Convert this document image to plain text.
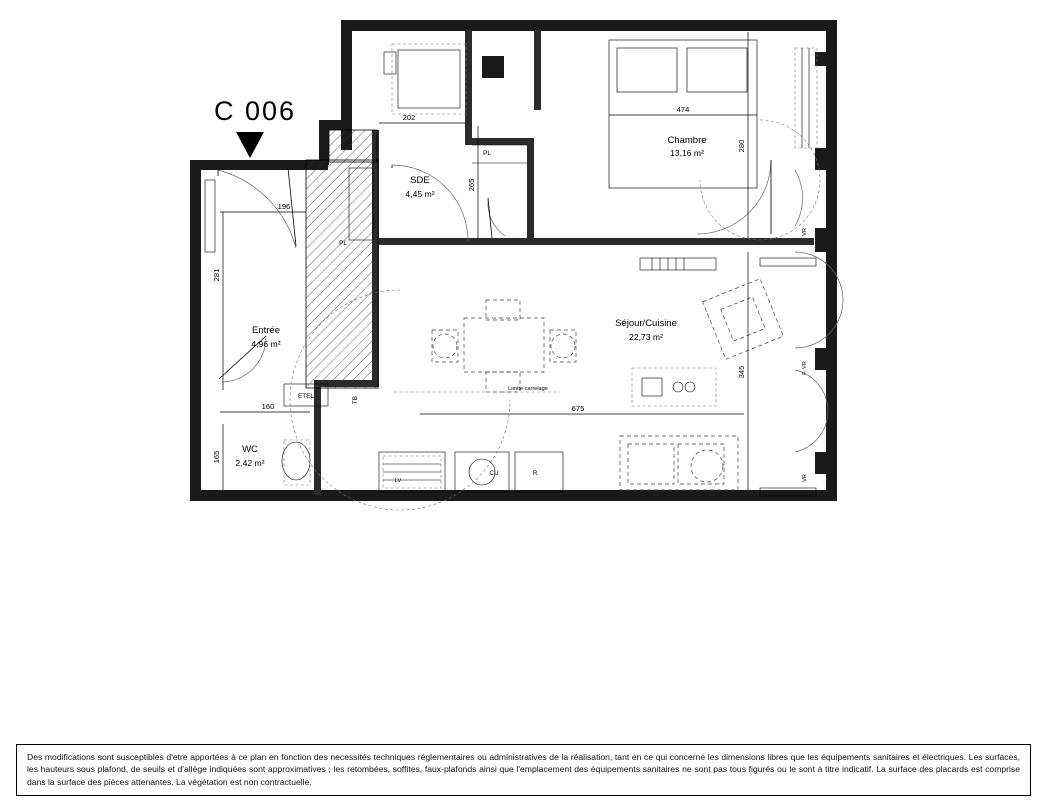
C 006
Chambre
13,16 m²
474
280
SDE
4,45 m²
PL
PL
202
265
Entrée
4,96 m²
ETEL
196
281
WC
2,42 m²
160
165
Séjour/Cuisine
22,73 m²
CU	R
LV
TB
Limite carrelage
675
345
VR
VR
F. VR

Des modifications sont susceptibles d'etre apportées à ce plan en fonction des necessités techniques réglementaires ou administratives de la réalisation, tant en ce qui concerne les dimensions libres que les équipements sanitaires et électriques. Les surfaces, les hauteurs sous plafond, de seuils et d'allège indiquées sont approximatives ; les retombées, soffites, faux-plafonds ainsi que l'emplacement des équipements sanitaires ne sont pas tous figurés ou le sont à titre indicatif. La surface des placards est comprise dans la surface des pièces attenantes. La végétation est non contractuelle.
